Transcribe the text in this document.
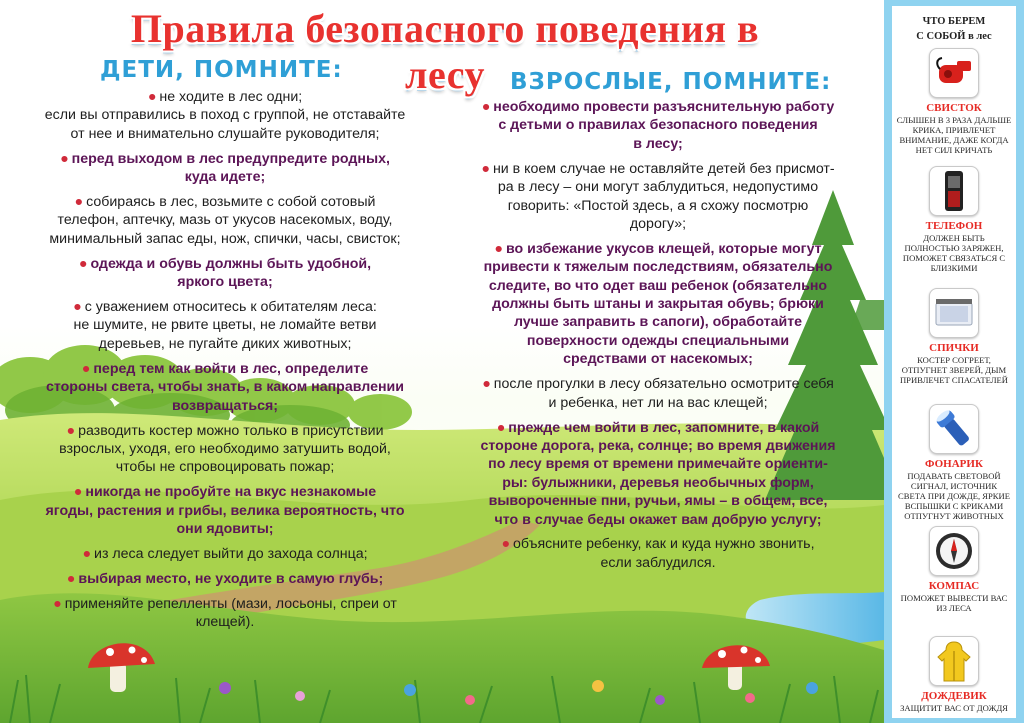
Правила безопасного поведения в лесу
ДЕТИ, ПОМНИТЕ:	ВЗРОСЛЫЕ, ПОМНИТЕ:

● не ходите в лес одни;
если вы отправились в поход с группой, не отставайте
от нее и внимательно слушайте руководителя;

● перед выходом в лес предупредите родных,
куда идете;

● собираясь в лес, возьмите с собой сотовый
телефон, аптечку, мазь от укусов насекомых, воду,
минимальный запас еды, нож, спички, часы, свисток;

● одежда и обувь должны быть удобной,
яркого цвета;

● с уважением относитесь к обитателям леса:
не шумите, не рвите цветы, не ломайте ветви
деревьев, не пугайте диких животных;

● перед тем как войти в лес, определите
стороны света, чтобы знать, в каком направлении
возвращаться;

● разводить костер можно только в присутствии
взрослых, уходя, его необходимо затушить водой,
чтобы не спровоцировать пожар;

● никогда не пробуйте на вкус незнакомые
ягоды, растения и грибы, велика вероятность, что
они ядовиты;

● из леса следует выйти до захода солнца;

● выбирая место, не уходите в самую глубь;

● применяйте репелленты (мази, лосьоны, спреи от
клещей).

● необходимо провести разъяснительную работу
с детьми о правилах безопасного поведения
в лесу;

● ни в коем случае не оставляйте детей без присмот-
ра в лесу – они могут заблудиться, недопустимо
говорить: «Постой здесь, а я схожу посмотрю
дорогу»;

● во избежание укусов клещей, которые могут
привести к тяжелым последствиям, обязательно
следите, во что одет ваш ребенок (обязательно
должны быть штаны и закрытая обувь; брюки
лучше заправить в сапоги), обработайте
поверхности одежды специальными
средствами от насекомых;

● после прогулки в лесу обязательно осмотрите себя
и ребенка, нет ли на вас клещей;

● прежде чем войти в лес, запомните, в какой
стороне дорога, река, солнце; во время движения
по лесу время от времени примечайте ориенти-
ры: булыжники, деревья необычных форм,
вывороченные пни, ручьи, ямы – в общем, все,
что в случае беды окажет вам добрую услугу;

● объясните ребенку, как и куда нужно звонить,
если заблудился.

ЧТО БЕРЕМ
С СОБОЙ в лес
СВИСТОК
СЛЫШЕН В 3 РАЗА ДАЛЬШЕ
КРИКА, ПРИВЛЕЧЕТ
ВНИМАНИЕ, ДАЖЕ КОГДА
НЕТ СИЛ КРИЧАТЬ
ТЕЛЕФОН
ДОЛЖЕН БЫТЬ
ПОЛНОСТЬЮ ЗАРЯЖЕН,
ПОМОЖЕТ СВЯЗАТЬСЯ С
БЛИЗКИМИ
СПИЧКИ
КОСТЕР СОГРЕЕТ,
ОТПУГНЕТ ЗВЕРЕЙ, ДЫМ
ПРИВЛЕЧЕТ СПАСАТЕЛЕЙ
ФОНАРИК
ПОДАВАТЬ СВЕТОВОЙ
СИГНАЛ, ИСТОЧНИК
СВЕТА ПРИ ДОЖДЕ, ЯРКИЕ
ВСПЫШКИ С КРИКАМИ
ОТПУГНУТ ЖИВОТНЫХ
КОМПАС
ПОМОЖЕТ ВЫВЕСТИ ВАС
ИЗ ЛЕСА
ДОЖДЕВИК
ЗАЩИТИТ ВАС ОТ ДОЖДЯ
